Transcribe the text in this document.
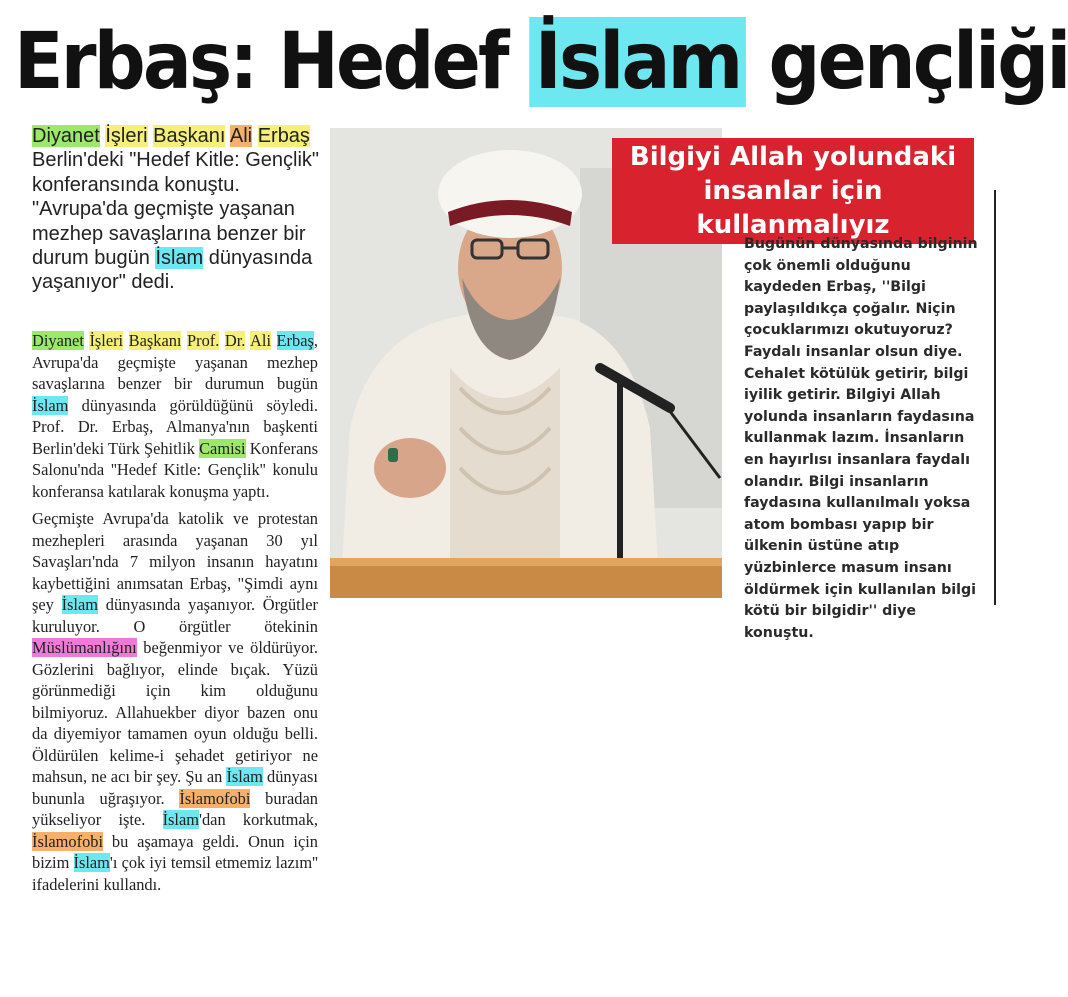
Erbaş: Hedef İslam gençliği

Diyanet İşleri Başkanı Ali Erbaş Berlin'deki "Hedef Kitle: Gençlik" konferansında konuştu. "Avrupa'da geçmişte yaşanan mezhep savaşlarına benzer bir durum bugün İslam dünyasında yaşanıyor" dedi.

Diyanet İşleri Başkanı Prof. Dr. Ali Erbaş, Avrupa'da geçmişte yaşanan mezhep savaşlarına benzer bir durumun bugün İslam dünyasında görüldüğünü söyledi. Prof. Dr. Erbaş, Almanya'nın başkenti Berlin'deki Türk Şehitlik Camisi Konferans Salonu'nda ''Hedef Kitle: Gençlik'' konulu konferansa katılarak konuşma yaptı.

Geçmişte Avrupa'da katolik ve protestan mezhepleri arasında yaşanan 30 yıl Savaşları'nda 7 milyon insanın hayatını kaybettiğini anımsatan Erbaş, "Şimdi aynı şey İslam dünyasında yaşanıyor. Örgütler kuruluyor. O örgütler ötekinin Müslümanlığını beğenmiyor ve öldürüyor. Gözlerini bağlıyor, elinde bıçak. Yüzü görünmediği için kim olduğunu bilmiyoruz. Allahuekber diyor bazen onu da diyemiyor tamamen oyun olduğu belli. Öldürülen kelime-i şehadet getiriyor ne mahsun, ne acı bir şey. Şu an İslam dünyası bununla uğraşıyor. İslamofobi buradan yükseliyor işte. İslam'dan korkutmak, İslamofobi bu aşamaya geldi. Onun için bizim İslam'ı çok iyi temsil etmemiz lazım'' ifadelerini kullandı.

Bilgiyi Allah yolundaki
insanlar için kullanmalıyız

Bugünün dünyasında bilginin çok önemli olduğunu kaydeden Erbaş, ''Bilgi paylaşıldıkça çoğalır. Niçin çocuklarımızı okutuyoruz? Faydalı insanlar olsun diye. Cehalet kötülük getirir, bilgi iyilik getirir. Bilgiyi Allah yolunda insanların faydasına kullanmak lazım. İnsanların en hayırlısı insanlara faydalı olandır. Bilgi insanların faydasına kullanılmalı yoksa atom bombası yapıp bir ülkenin üstüne atıp yüzbinlerce masum insanı öldürmek için kullanılan bilgi kötü bir bilgidir'' diye konuştu.
